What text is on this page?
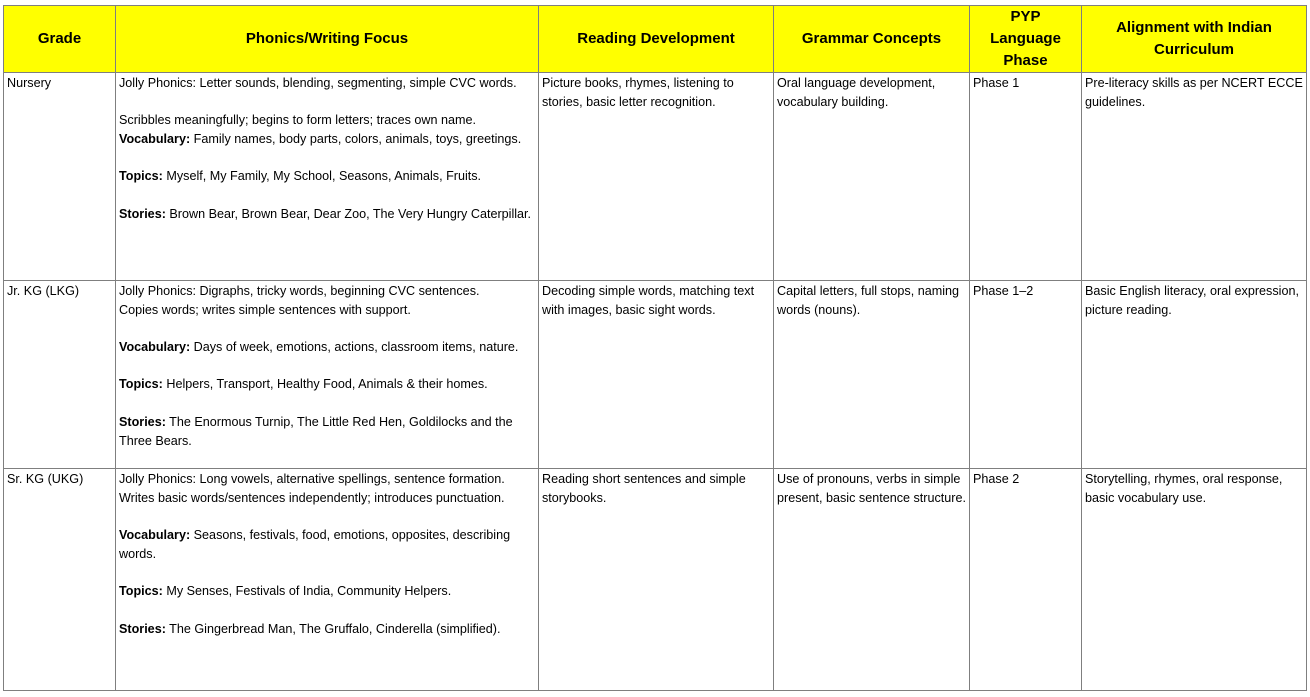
Grade	Phonics/Writing Focus	Reading Development	Grammar Concepts	PYP Language Phase	Alignment with Indian Curriculum
Nursery	Jolly Phonics: Letter sounds, blending, segmenting, simple CVC words.
Scribbles meaningfully; begins to form letters; traces own name.
Vocabulary: Family names, body parts, colors, animals, toys, greetings.
Topics: Myself, My Family, My School, Seasons, Animals, Fruits.
Stories: Brown Bear, Brown Bear, Dear Zoo, The Very Hungry Caterpillar.	Picture books, rhymes, listening to stories, basic letter recognition.	Oral language development, vocabulary building.	Phase 1	Pre-literacy skills as per NCERT ECCE guidelines.
Jr. KG (LKG)	Jolly Phonics: Digraphs, tricky words, beginning CVC sentences.
Copies words; writes simple sentences with support.
Vocabulary: Days of week, emotions, actions, classroom items, nature.
Topics: Helpers, Transport, Healthy Food, Animals & their homes.
Stories: The Enormous Turnip, The Little Red Hen, Goldilocks and the Three Bears.	Decoding simple words, matching text with images, basic sight words.	Capital letters, full stops, naming words (nouns).	Phase 1–2	Basic English literacy, oral expression, picture reading.
Sr. KG (UKG)	Jolly Phonics: Long vowels, alternative spellings, sentence formation.
Writes basic words/sentences independently; introduces punctuation.
Vocabulary: Seasons, festivals, food, emotions, opposites, describing words.
Topics: My Senses, Festivals of India, Community Helpers.
Stories: The Gingerbread Man, The Gruffalo, Cinderella (simplified).	Reading short sentences and simple storybooks.	Use of pronouns, verbs in simple present, basic sentence structure.	Phase 2	Storytelling, rhymes, oral response, basic vocabulary use.
